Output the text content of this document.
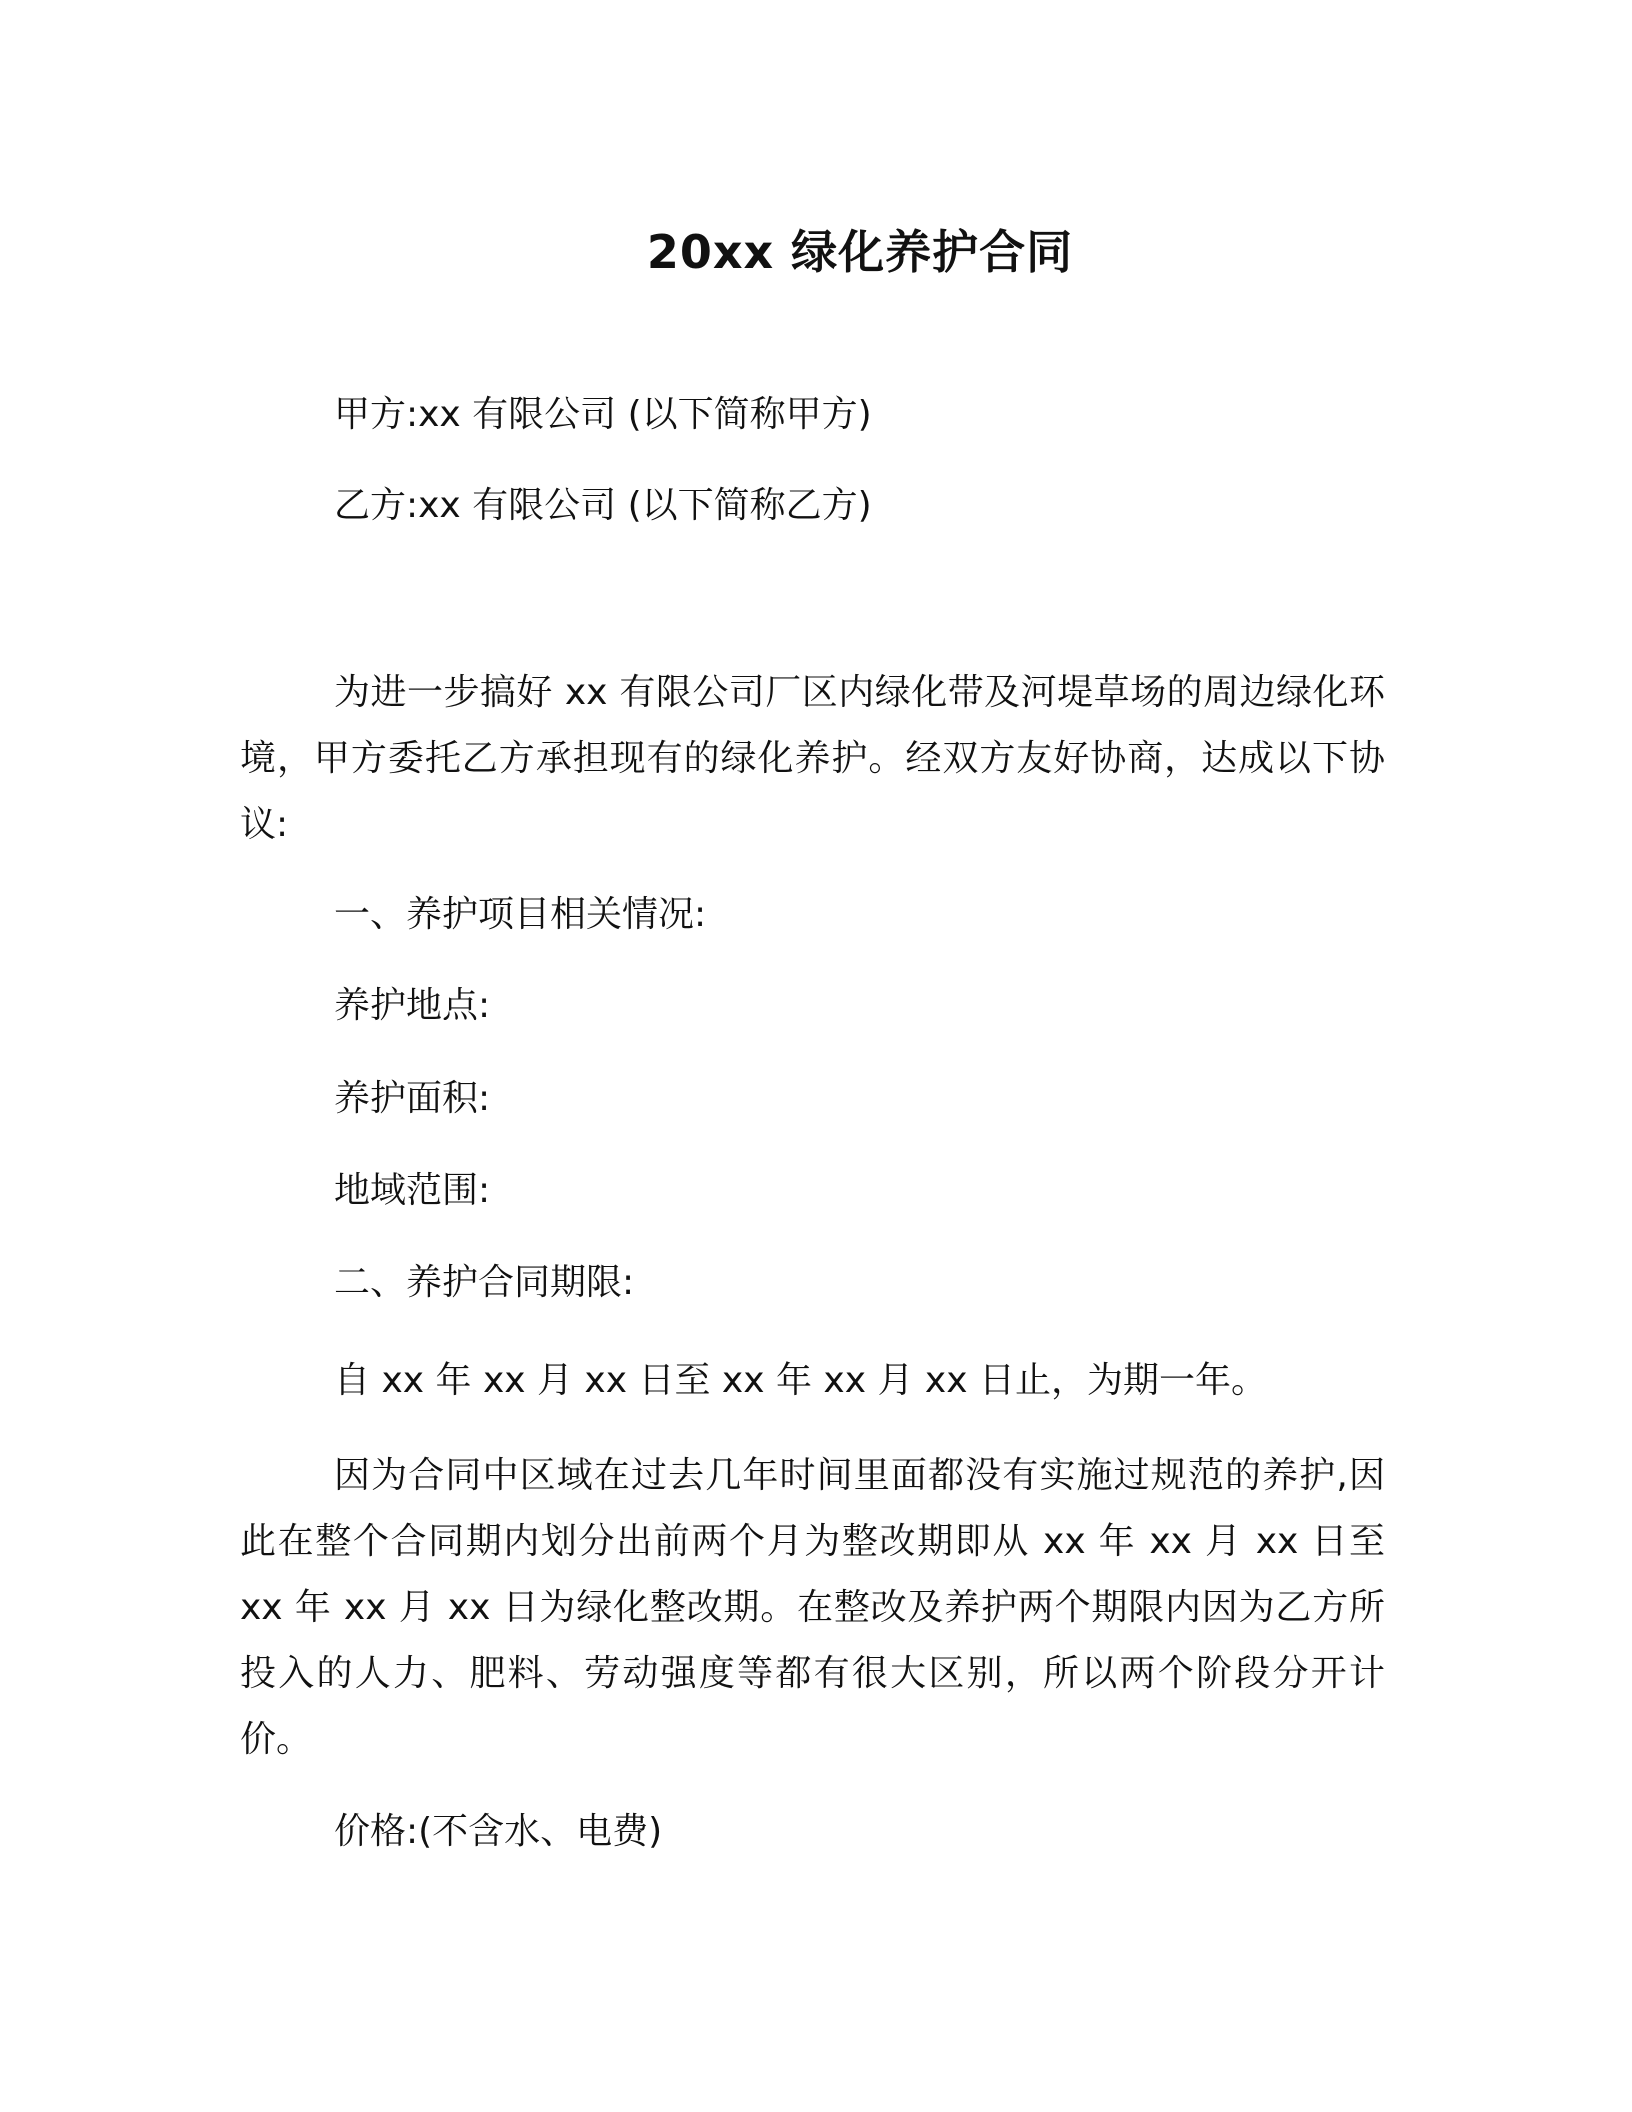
20xx 绿化养护合同
甲方:xx 有限公司 (以下简称甲方)
乙方:xx 有限公司 (以下简称乙方)
为进一步搞好 xx 有限公司厂区内绿化带及河堤草场的周边绿化环境，甲方委托乙方承担现有的绿化养护。经双方友好协商，达成以下协议:
一、养护项目相关情况:
养护地点:
养护面积:
地域范围:
二、养护合同期限:
自 xx 年 xx 月 xx 日至 xx 年 xx 月 xx 日止，为期一年。
因为合同中区域在过去几年时间里面都没有实施过规范的养护,因此在整个合同期内划分出前两个月为整改期即从 xx 年 xx 月 xx 日至 xx 年 xx 月 xx 日为绿化整改期。在整改及养护两个期限内因为乙方所投入的人力、肥料、劳动强度等都有很大区别，所以两个阶段分开计价。
价格:(不含水、电费)
